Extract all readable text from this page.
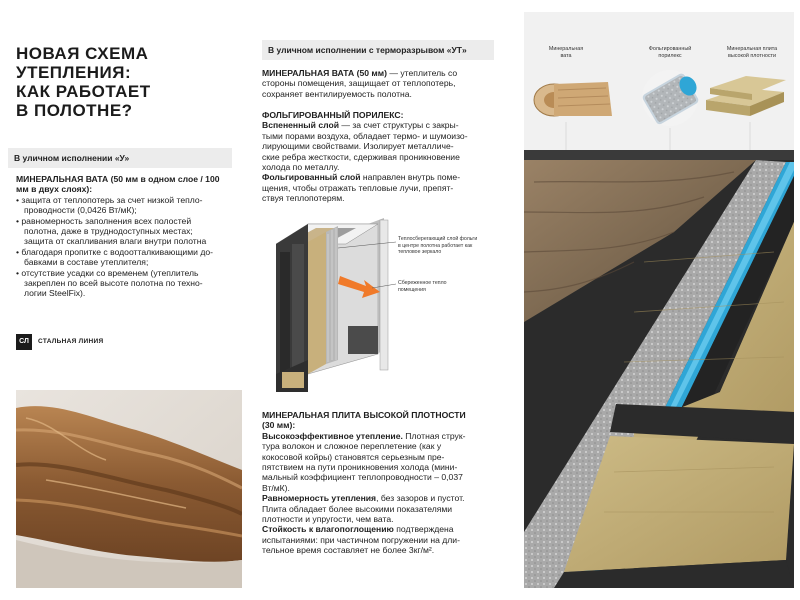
НОВАЯ СХЕМА
УТЕПЛЕНИЯ:
КАК РАБОТАЕТ
В ПОЛОТНЕ?
В уличном исполнении «У»
МИНЕРАЛЬНАЯ ВАТА (50 мм в одном слое / 100 мм в двух слоях):
• защита от теплопотерь за счет низкой тепло-
проводности (0,0426 Вт/мК);
• равномерность заполнения всех полостей
полотна, даже в труднодоступных местах;
защита от скапливания влаги внутри полотна
• благодаря пропитке с водоотталкивающими до-
бавками в составе утеплителя;
• отсутствие усадки со временем (утеплитель
закреплен по всей высоте полотна по техно-
логии SteelFix).
СЛ	СТАЛЬНАЯ ЛИНИЯ
В уличном исполнении с терморазрывом «УТ»
МИНЕРАЛЬНАЯ ВАТА (50 мм) — утеплитель со
стороны помещения, защищает от теплопотерь,
сохраняет вентилируемость полотна.
ФОЛЬГИРОВАННЫЙ ПОРИЛЕКС:
Вспененный слой — за счет структуры с закры-
тыми порами воздуха, обладает термо- и шумоизо-
лирующими свойствами. Изолирует металличе-
ские ребра жесткости, сдерживая проникновение
холода по металлу.
Фольгированный слой направлен внутрь поме-
щения, чтобы отражать тепловые лучи, препят-
ствуя теплопотерям.
Теплосберегающий слой фольги
в центре полотна работает как
тепловое зеркало
Сбереженное тепло
помещения
МИНЕРАЛЬНАЯ ПЛИТА ВЫСОКОЙ ПЛОТНОСТИ
(30 мм):
Высокоэффективное утепление. Плотная струк-
тура волокон и сложное переплетение (как у
кокосовой койры) становятся серьезным пре-
пятствием на пути проникновения холода (мини-
мальный коэффициент теплопроводности – 0,037
Вт/мК).
Равномерность утепления, без зазоров и пустот.
Плита обладает более высокими показателями
плотности и упругости, чем вата.
Стойкость к влагопоглощению подтверждена
испытаниями: при частичном погружении на дли-
тельное время составляет не более 3кг/м².
Минеральная
вата
Фольгированный
порилекс
Минеральная плита
высокой плотности
